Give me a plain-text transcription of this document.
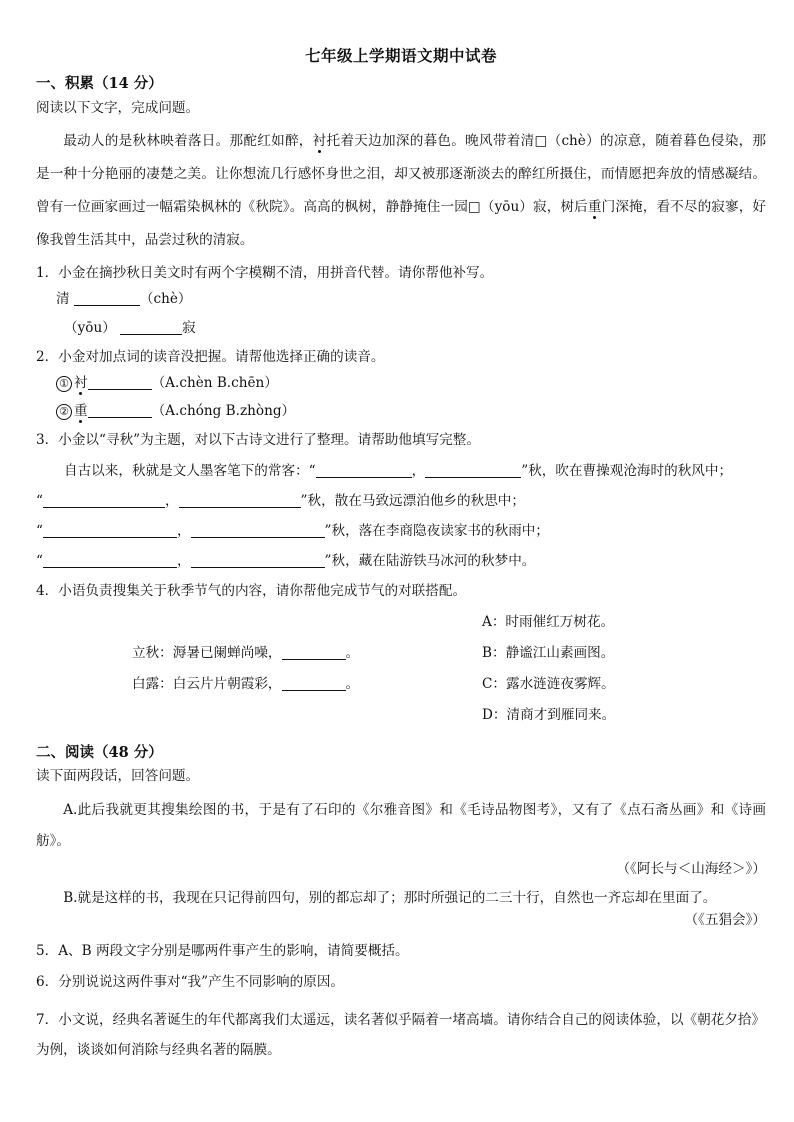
七年级上学期语文期中试卷
一、积累（14 分）
阅读以下文字，完成问题。
最动人的是秋林映着落日。那酡红如醉，衬托着天边加深的暮色。晚风带着清□（chè）的凉意，随着暮色侵染，那是一种十分艳丽的凄楚之美。让你想流几行感怀身世之泪，却又被那逐渐淡去的醉红所摄住，而情愿把奔放的情感凝结。曾有一位画家画过一幅霜染枫林的《秋院》。高高的枫树，静静掩住一园□（yōu）寂，树后重门深掩，看不尽的寂寥，好像我曾生活其中，品尝过秋的清寂。
1．小金在摘抄秋日美文时有两个字模糊不清，用拼音代替。请你帮他补写。
清	（chè）
（yōu）	寂
2．小金对加点词的读音没把握。请帮他选择正确的读音。
① 衬	（A.chèn B.chēn）
② 重	（A.chóng B.zhòng）
3．小金以“寻秋”为主题，对以下古诗文进行了整理。请帮助他填写完整。
自古以来，秋就是文人墨客笔下的常客：“	，	”秋，吹在曹操观沧海时的秋风中；
“	，	”秋，散在马致远漂泊他乡的秋思中；
“	，	”秋，落在李商隐夜读家书的秋雨中；
“	，	”秋，藏在陆游铁马冰河的秋梦中。
4．小语负责搜集关于秋季节气的内容，请你帮他完成节气的对联搭配。
A：时雨催红万树花。
立秋：溽暑已阑蝉尚噪，	。	B：静谧江山素画图。
白露：白云片片朝霞彩，	。	C：露水涟涟夜雾辉。
D：清商才到雁同来。
二、阅读（48 分）
读下面两段话，回答问题。
A.此后我就更其搜集绘图的书，于是有了石印的《尔雅音图》和《毛诗品物图考》，又有了《点石斋丛画》和《诗画舫》。
（《阿长与＜山海经＞》）
B.就是这样的书，我现在只记得前四句，别的都忘却了；那时所强记的二三十行，自然也一齐忘却在里面了。
（《五猖会》）
5．A、B 两段文字分别是哪两件事产生的影响，请简要概括。
6．分别说说这两件事对“我”产生不同影响的原因。
7．小文说，经典名著诞生的年代都离我们太遥远，读名著似乎隔着一堵高墙。请你结合自己的阅读体验，以《朝花夕拾》为例，谈谈如何消除与经典名著的隔膜。
